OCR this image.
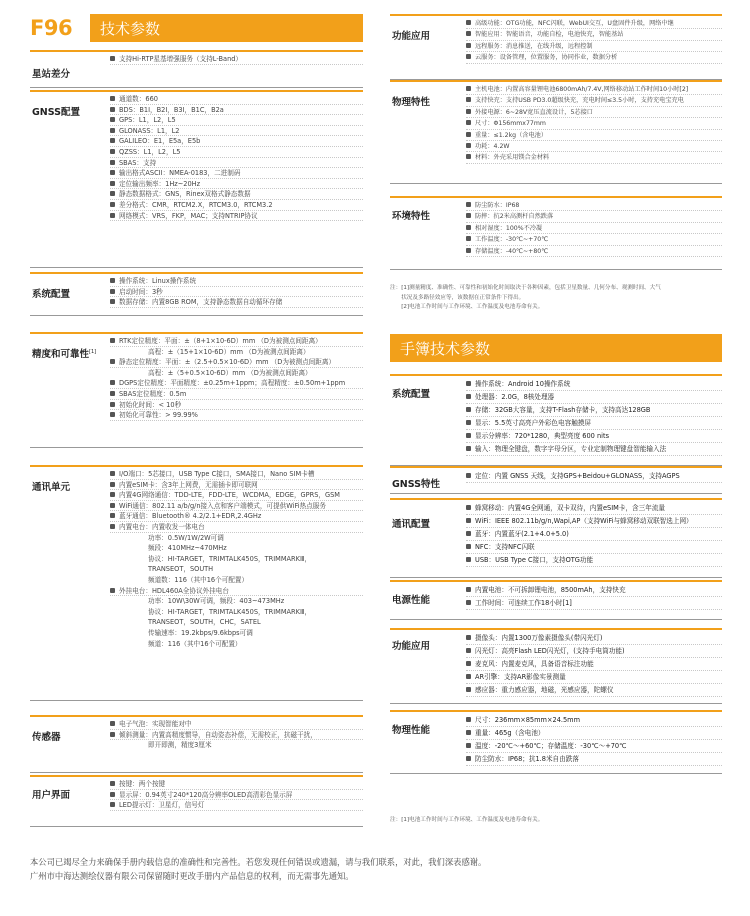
F96	技术参数
星站差分
支持Hi-RTP星基增强服务（支持L-Band）
GNSS配置
通道数：660
BDS：B1I，B2I，B3I，B1C，B2a
GPS：L1，L2，L5
GLONASS：L1，L2
GALILEO：E1，E5a，E5b
QZSS：L1，L2，L5
SBAS：支持
输出格式ASCII：NMEA-0183，二进制码
定位输出频率：1Hz~20Hz
静态数据格式：GNS，Rinex双格式静态数据
差分格式：CMR，RTCM2.X，RTCM3.0，RTCM3.2
网络模式：VRS，FKP，MAC；支持NTRIP协议
系统配置
操作系统：Linux操作系统
启动时间：3秒
数据存储：内置8GB ROM，支持静态数据自动循环存储
精度和可靠性[1]
RTK定位精度：平面：±（8+1×10-6D）mm （D为被测点间距离）
高程：±（15+1×10-6D）mm （D为被测点间距离）
静态定位精度：平面：±（2.5+0.5×10-6D）mm （D为被测点间距离）
高程：±（5+0.5×10-6D）mm （D为被测点间距离）
DGPS定位精度：平面精度：±0.25m+1ppm；高程精度：±0.50m+1ppm
SBAS定位精度：0.5m
初始化时间：< 10秒
初始化可靠性：> 99.99%
通讯单元
I/O端口：5芯接口，USB Type C接口，SMA接口，Nano SIM卡槽
内置eSIM卡：含3年上网费，无需插卡即可联网
内置4G网络通信：TDD-LTE，FDD-LTE，WCDMA，EDGE，GPRS，GSM
WiFi通信：802.11 a/b/g/n接入点和客户端模式，可提供WiFi热点服务
蓝牙通信：Bluetooth® 4.2/2.1+EDR,2.4GHz
内置电台：内置收发一体电台
功率：0.5W/1W/2W可调
频段：410MHz~470MHz
协议：HI-TARGET，TRIMTALK450S，TRIMMARKⅢ，
TRANSEOT，SOUTH
频道数：116（其中16个可配置）
外挂电台：HDL460A全协议外挂电台
功率：10W\30W可调，频段：403~473MHz
协议：HI-TARGET，TRIMTALK450S，TRIMMARKⅢ，
TRANSEOT，SOUTH，CHC，SATEL
传输速率：19.2kbps/9.6kbps可调
频道：116（其中16个可配置）
传感器
电子气泡：实现智能对中
倾斜测量：内置高精度惯导，自动姿态补偿，无需校正，抗磁干扰，
即开即测，精度3厘米
用户界面
按键：两个按键
显示屏：0.94英寸240*120高分辨率OLED高清彩色显示屏
LED提示灯：卫星灯，信号灯
功能应用
高级功能：OTG功能，NFC闪联，WebUI交互，U盘固件升级，网络中继
智能应用：智能语音，功能自检，电池快充，智能基站
远程服务：消息推送，在线升级，远程控制
云服务：设备管理，位置服务，协同作业，数据分析
物理特性
主机电池：内置高容量锂电池6800mAh/7.4V,网络移动站工作时间10小时[2]
支持快充：支持USB PD3.0超级快充，充电时间≤3.5小时，支持充电宝充电
外接电源：6~28V宽压直流设计，5芯接口
尺寸：Φ156mmx77mm
重量：≤1.2kg（含电池）
功耗：4.2W
材料：外壳采用镁合金材料
环境特性
防尘防水：IP68
防摔：抗2米高测杆自然跌落
相对湿度：100%不冷凝
工作温度：-30℃~+70℃
存储温度：-40℃~+80℃
注：[1]测量精度、准确性、可靠性和初始化时间取决于各种因素，包括卫星数量、几何分布、观测时间、大气
　　状况及多路径效应等，该数据在正常条件下得出。
　　[2]电池工作时间与工作环境、工作温度及电池寿命有关。
手簿技术参数
系统配置
操作系统：Android 10操作系统
处理器：2.0G，8核处理器
存储：32GB大容量，支持T-Flash存储卡，支持高达128GB
显示：5.5英寸高亮户外彩色电容触摸屏
显示分辨率：720*1280，典型亮度 600 nits
输入：物理全键盘，数字字母分区，专业定制物理键盘智能输入法
GNSS特性
定位：内置 GNSS 天线，支持GPS+Beidou+GLONASS，支持AGPS
通讯配置
蜂窝移动：内置4G全网通，双卡双待，内置eSIM卡，含三年流量
WiFi：IEEE 802.11b/g/n,Wapi,AP（支持WiFi与蜂窝移动双联智选上网）
蓝牙：内置蓝牙(2.1+4.0+5.0)
NFC：支持NFC闪联
USB：USB Type C接口，支持OTG功能
电源性能
内置电池：不可拆卸锂电池，8500mAh，支持快充
工作时间：可连续工作18小时[1]
功能应用
摄像头：内置1300万像素摄像头(带闪光灯)
闪光灯：高亮Flash LED闪光灯，(支持手电筒功能)
麦克风：内置麦克风，具备语音标注功能
AR引擎：支持AR影像实景测量
感应器：重力感应器，地磁，光感应器，陀螺仪
物理性能
尺寸：236mm×85mm×24.5mm
重量：465g（含电池）
温度：-20℃～+60℃；存储温度：-30℃～+70℃
防尘防水：IP68；抗1.8米自由跌落
注：[1]电池工作时间与工作环境、工作温度及电池寿命有关。
本公司已竭尽全力来确保手册内载信息的准确性和完善性。若您发现任何错误或遗漏，请与我们联系，对此，我们深表感谢。
广州市中海达测绘仪器有限公司保留随时更改手册内产品信息的权利，而无需事先通知。
